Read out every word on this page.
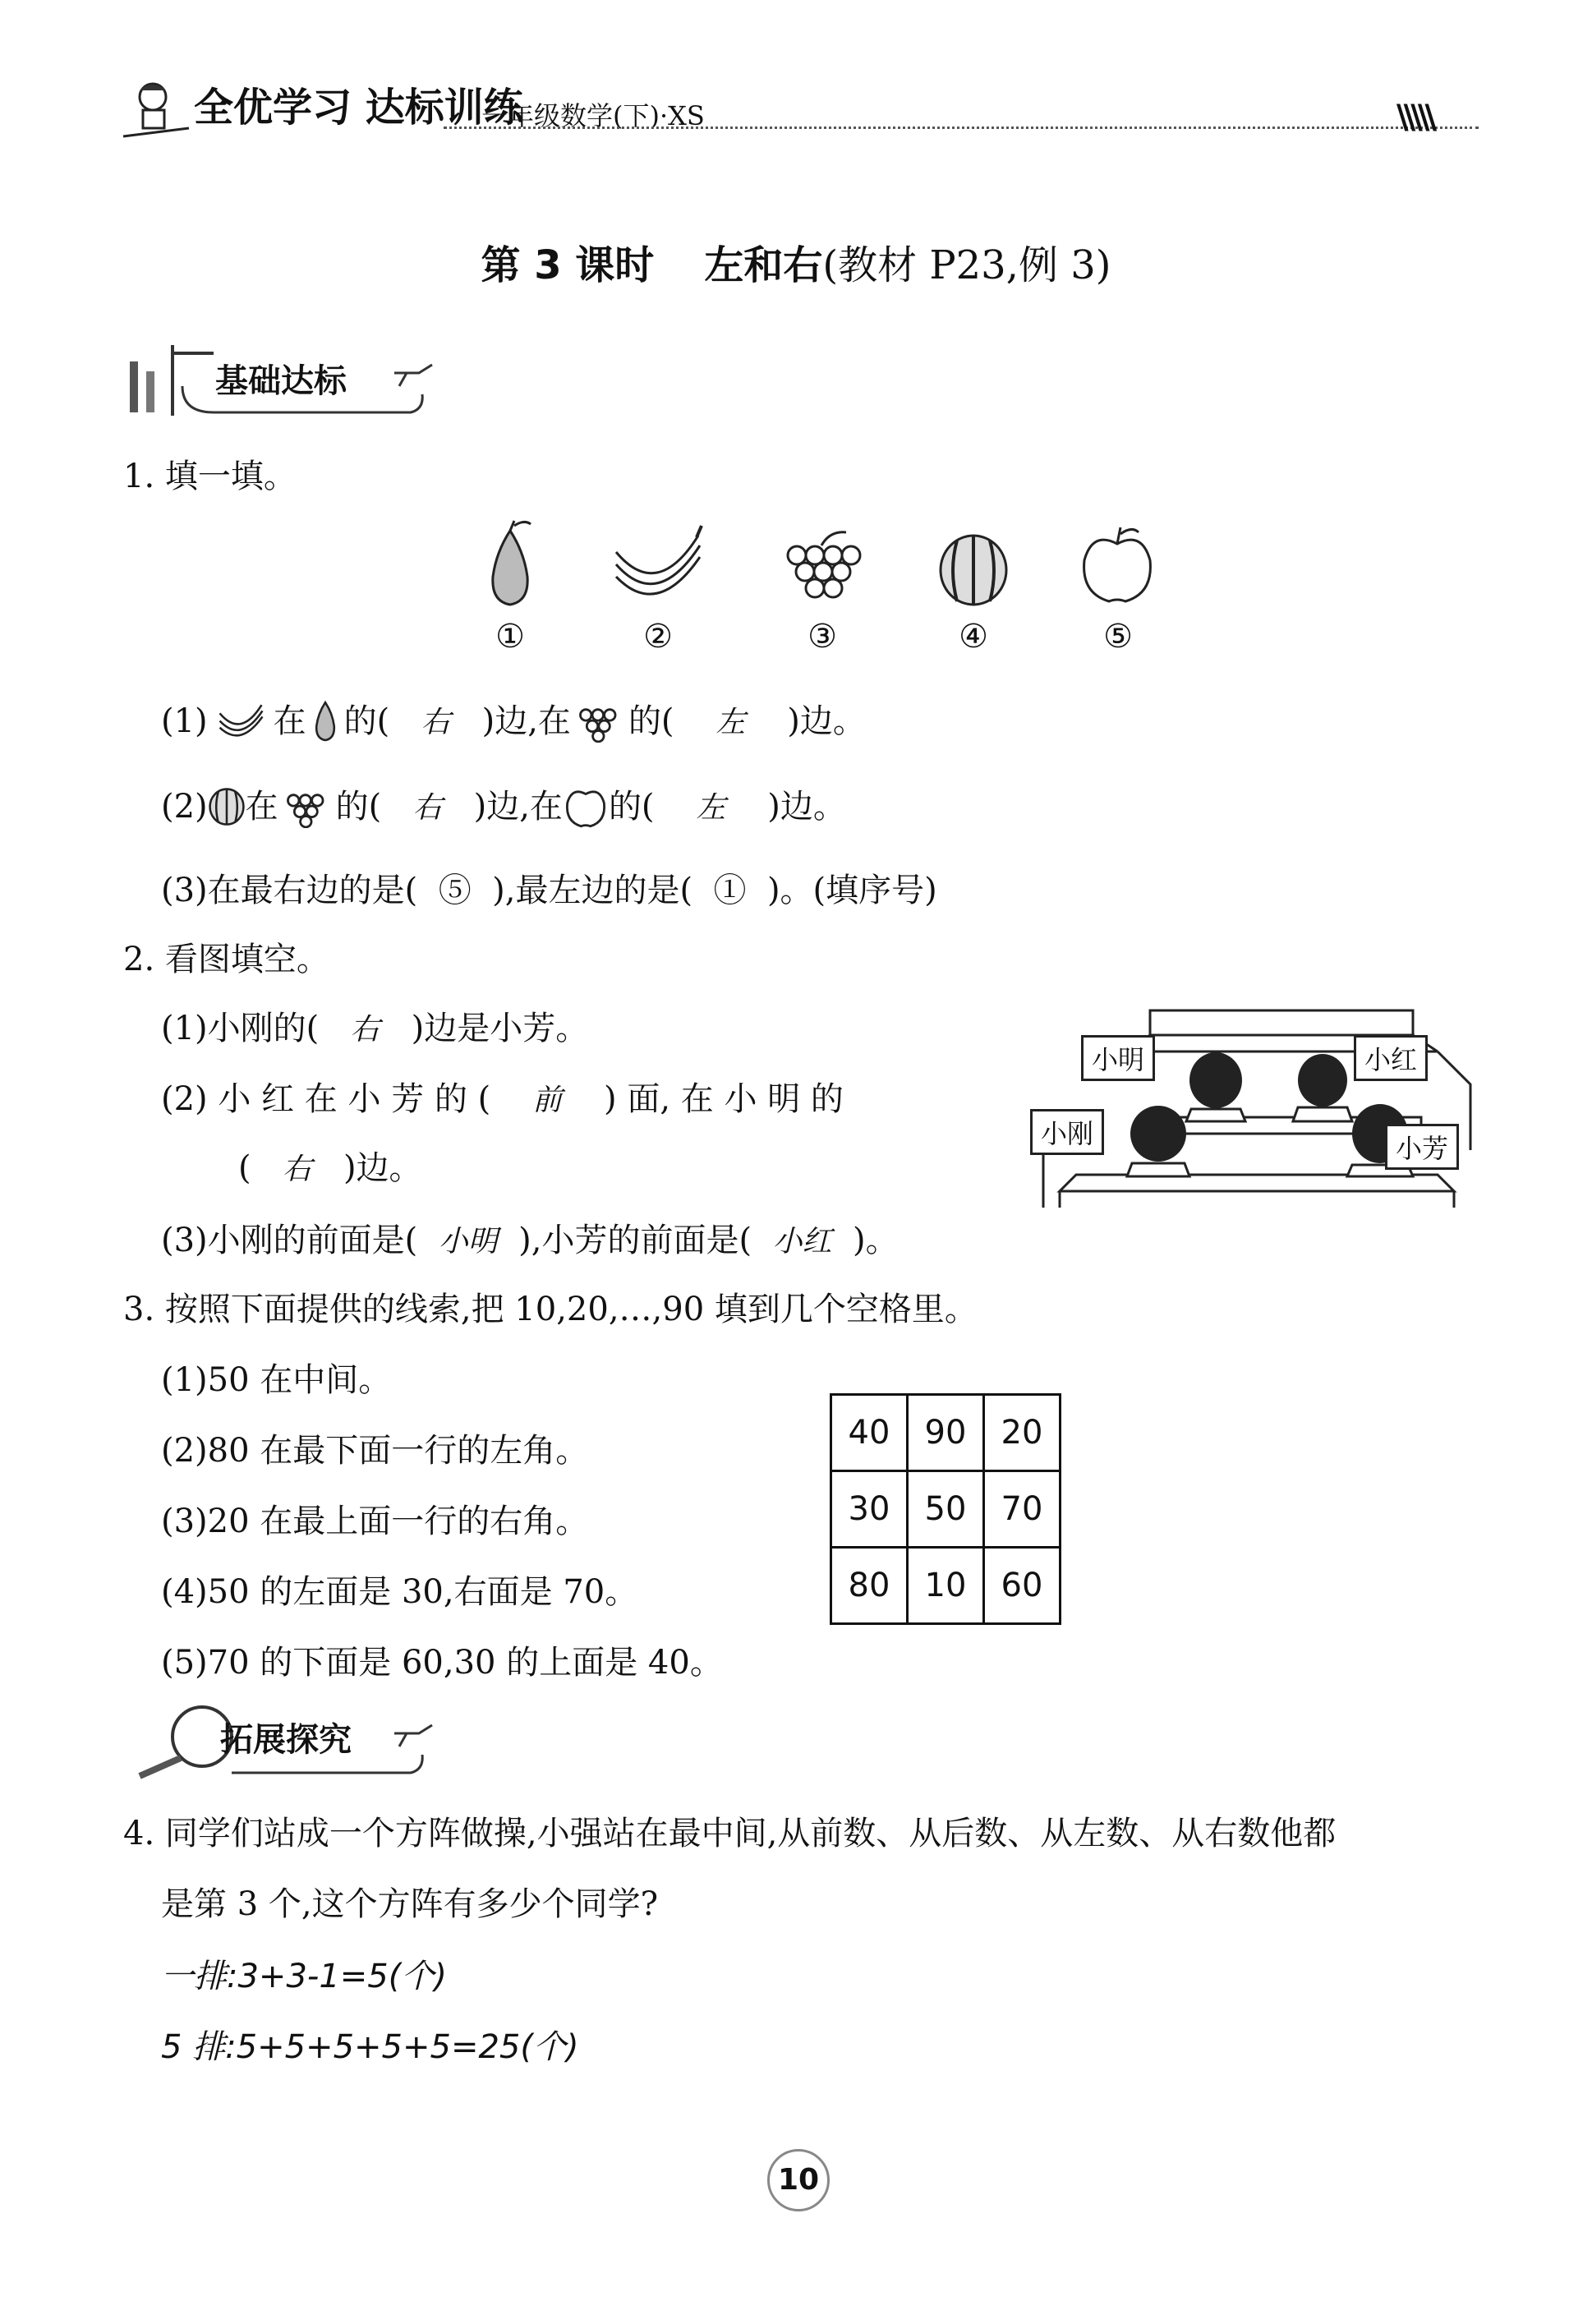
全优学习 达标训练
一年级数学(下)·XS	\\\\\
第 3 课时 左和右(教材 P23,例 3)
基础达标
1. 填一填。
①	②	③	④	⑤
(1) 在 的( 右 )边,在 的( 左 )边。
(2) 在 的( 右 )边,在 的( 左 )边。
(3)在最右边的是( ⑤ ),最左边的是( ① )。(填序号)
2. 看图填空。
(1)小刚的( 右 )边是小芳。
(2) 小 红 在 小 芳 的 ( 前 ) 面, 在 小 明 的
( 右 )边。
(3)小刚的前面是( 小明 ),小芳的前面是( 小红 )。
小明	小红
小刚	小芳
3. 按照下面提供的线索,把 10,20,…,90 填到几个空格里。
(1)50 在中间。
(2)80 在最下面一行的左角。
(3)20 在最上面一行的右角。
(4)50 的左面是 30,右面是 70。
(5)70 的下面是 60,30 的上面是 40。
40	90	20
30	50	70
80	10	60
拓展探究
4. 同学们站成一个方阵做操,小强站在最中间,从前数、从后数、从左数、从右数他都
是第 3 个,这个方阵有多少个同学?
一排:3+3-1=5(个)
5 排:5+5+5+5+5=25(个)
10
